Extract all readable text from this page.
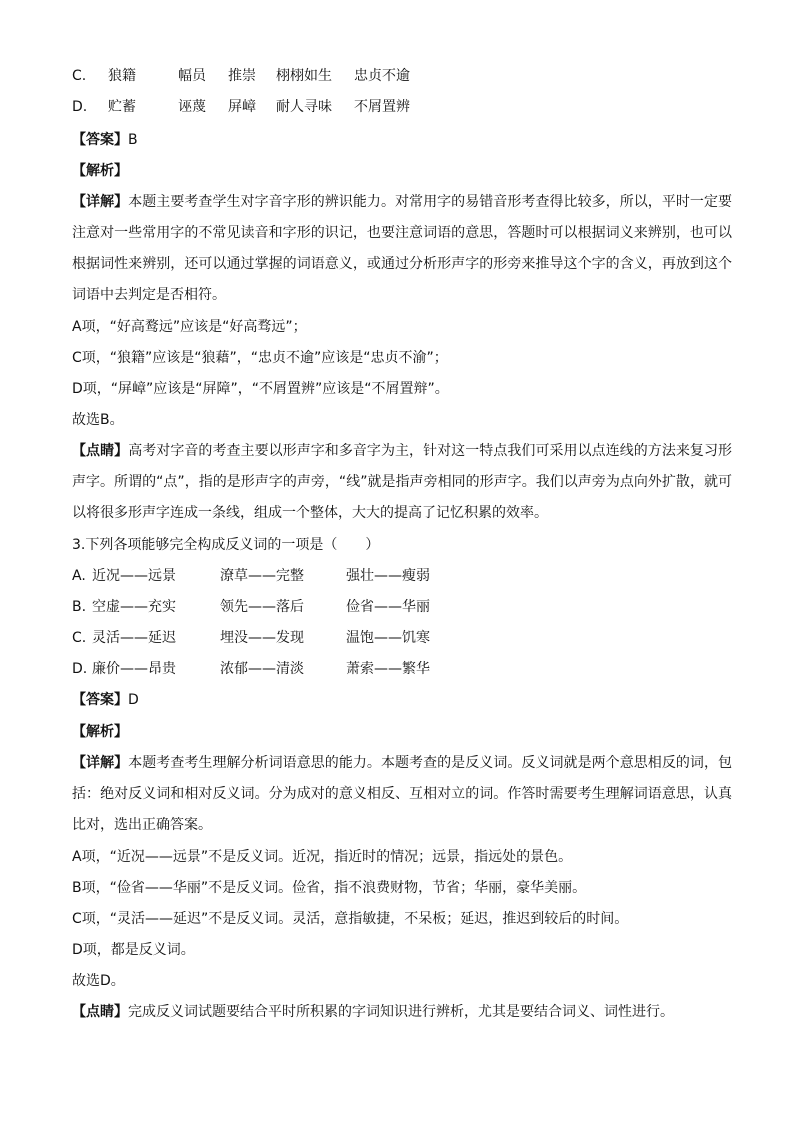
C. 狼籍	幅员 推崇 栩栩如生 忠贞不逾
D. 贮蓄	诬蔑 屏嶂 耐人寻味 不屑置辨
【答案】B
【解析】
【详解】本题主要考查学生对字音字形的辨识能力。对常用字的易错音形考查得比较多，所以，平时一定要注意对一些常用字的不常见读音和字形的识记，也要注意词语的意思，答题时可以根据词义来辨别，也可以根据词性来辨别，还可以通过掌握的词语意义，或通过分析形声字的形旁来推导这个字的含义，再放到这个词语中去判定是否相符。
A项，“好高鹜远”应该是“好高骛远”；
C项，“狼籍”应该是“狼藉”，“忠贞不逾”应该是“忠贞不渝”；
D项，“屏嶂”应该是“屏障”，“不屑置辨”应该是“不屑置辩”。
故选B。
【点睛】高考对字音的考查主要以形声字和多音字为主，针对这一特点我们可采用以点连线的方法来复习形声字。所谓的“点”，指的是形声字的声旁，“线”就是指声旁相同的形声字。我们以声旁为点向外扩散，就可以将很多形声字连成一条线，组成一个整体，大大的提高了记忆积累的效率。
3.下列各项能够完全构成反义词的一项是（　　）
A. 近况——远景	潦草——完整	强壮——瘦弱
B. 空虚——充实	领先——落后	俭省——华丽
C. 灵活——延迟	埋没——发现	温饱——饥寒
D. 廉价——昂贵	浓郁——清淡	萧索——繁华
【答案】D
【解析】
【详解】本题考查考生理解分析词语意思的能力。本题考查的是反义词。反义词就是两个意思相反的词，包括：绝对反义词和相对反义词。分为成对的意义相反、互相对立的词。作答时需要考生理解词语意思，认真比对，选出正确答案。
A项，“近况——远景”不是反义词。近况，指近时的情况；远景，指远处的景色。
B项，“俭省——华丽”不是反义词。俭省，指不浪费财物，节省；华丽，豪华美丽。
C项，“灵活——延迟”不是反义词。灵活，意指敏捷，不呆板；延迟，推迟到较后的时间。
D项，都是反义词。
故选D。
【点睛】完成反义词试题要结合平时所积累的字词知识进行辨析，尤其是要结合词义、词性进行。
